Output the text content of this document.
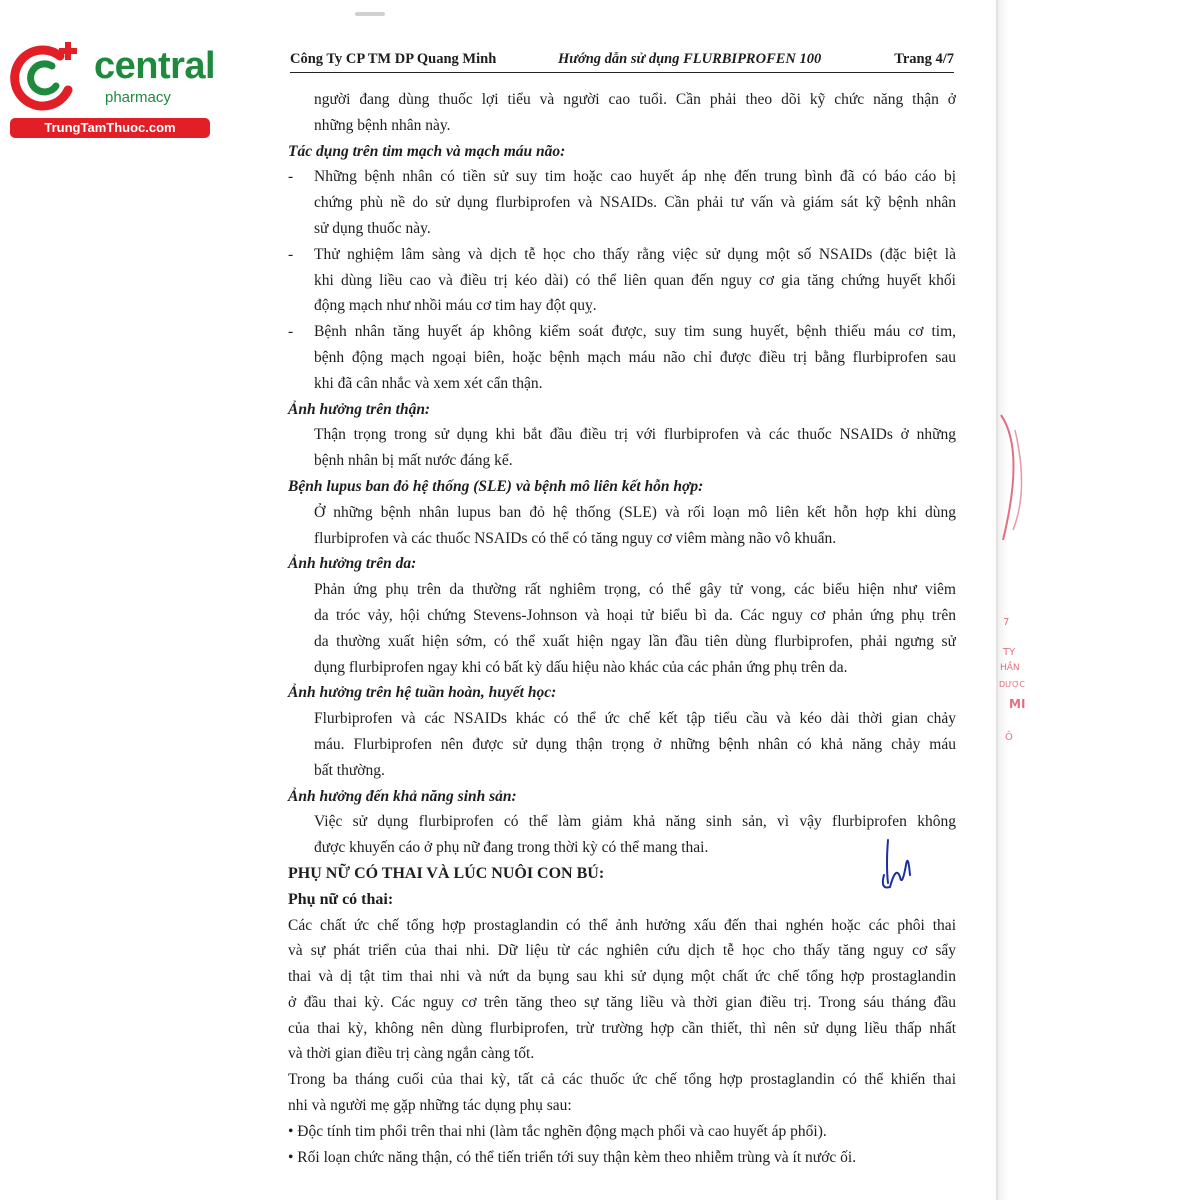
central
pharmacy
TrungTamThuoc.com
Công Ty CP TM DP Quang Minh	Hướng dẫn sử dụng FLURBIPROFEN 100	Trang 4/7
người đang dùng thuốc lợi tiểu và người cao tuổi. Cần phải theo dõi kỹ chức năng thận ở
những bệnh nhân này.
Tác dụng trên tim mạch và mạch máu não:
- Những bệnh nhân có tiền sử suy tim hoặc cao huyết áp nhẹ đến trung bình đã có báo cáo bị
chứng phù nề do sử dụng flurbiprofen và NSAIDs. Cần phải tư vấn và giám sát kỹ bệnh nhân
sử dụng thuốc này.
- Thử nghiệm lâm sàng và dịch tễ học cho thấy rằng việc sử dụng một số NSAIDs (đặc biệt là
khi dùng liều cao và điều trị kéo dài) có thể liên quan đến nguy cơ gia tăng chứng huyết khối
động mạch như nhồi máu cơ tim hay đột quỵ.
- Bệnh nhân tăng huyết áp không kiểm soát được, suy tim sung huyết, bệnh thiếu máu cơ tim,
bệnh động mạch ngoại biên, hoặc bệnh mạch máu não chỉ được điều trị bằng flurbiprofen sau
khi đã cân nhắc và xem xét cẩn thận.
Ảnh hưởng trên thận:
Thận trọng trong sử dụng khi bắt đầu điều trị với flurbiprofen và các thuốc NSAIDs ở những
bệnh nhân bị mất nước đáng kể.
Bệnh lupus ban đỏ hệ thống (SLE) và bệnh mô liên kết hỗn hợp:
Ở những bệnh nhân lupus ban đỏ hệ thống (SLE) và rối loạn mô liên kết hỗn hợp khi dùng
flurbiprofen và các thuốc NSAIDs có thể có tăng nguy cơ viêm màng não vô khuẩn.
Ảnh hưởng trên da:
Phản ứng phụ trên da thường rất nghiêm trọng, có thể gây tử vong, các biểu hiện như viêm
da tróc vảy, hội chứng Stevens-Johnson và hoại tử biểu bì da. Các nguy cơ phản ứng phụ trên
da thường xuất hiện sớm, có thể xuất hiện ngay lần đầu tiên dùng flurbiprofen, phải ngưng sử
dụng flurbiprofen ngay khi có bất kỳ dấu hiệu nào khác của các phản ứng phụ trên da.
Ảnh hưởng trên hệ tuần hoàn, huyết học:
Flurbiprofen và các NSAIDs khác có thể ức chế kết tập tiểu cầu và kéo dài thời gian chảy
máu. Flurbiprofen nên được sử dụng thận trọng ở những bệnh nhân có khả năng chảy máu
bất thường.
Ảnh hưởng đến khả năng sinh sản:
Việc sử dụng flurbiprofen có thể làm giảm khả năng sinh sản, vì vậy flurbiprofen không
được khuyến cáo ở phụ nữ đang trong thời kỳ có thể mang thai.
PHỤ NỮ CÓ THAI VÀ LÚC NUÔI CON BÚ:
Phụ nữ có thai:
Các chất ức chế tổng hợp prostaglandin có thể ảnh hưởng xấu đến thai nghén hoặc các phôi thai
và sự phát triển của thai nhi. Dữ liệu từ các nghiên cứu dịch tễ học cho thấy tăng nguy cơ sẩy
thai và dị tật tim thai nhi và nứt da bụng sau khi sử dụng một chất ức chế tổng hợp prostaglandin
ở đầu thai kỳ. Các nguy cơ trên tăng theo sự tăng liều và thời gian điều trị. Trong sáu tháng đầu
của thai kỳ, không nên dùng flurbiprofen, trừ trường hợp cần thiết, thì nên sử dụng liều thấp nhất
và thời gian điều trị càng ngắn càng tốt.
Trong ba tháng cuối của thai kỳ, tất cả các thuốc ức chế tổng hợp prostaglandin có thể khiến thai
nhi và người mẹ gặp những tác dụng phụ sau:
• Độc tính tim phổi trên thai nhi (làm tắc nghẽn động mạch phổi và cao huyết áp phổi).
• Rối loạn chức năng thận, có thể tiến triển tới suy thận kèm theo nhiễm trùng và ít nước ối.
7
TY
HẦN
DƯỢC
MI
Ô
